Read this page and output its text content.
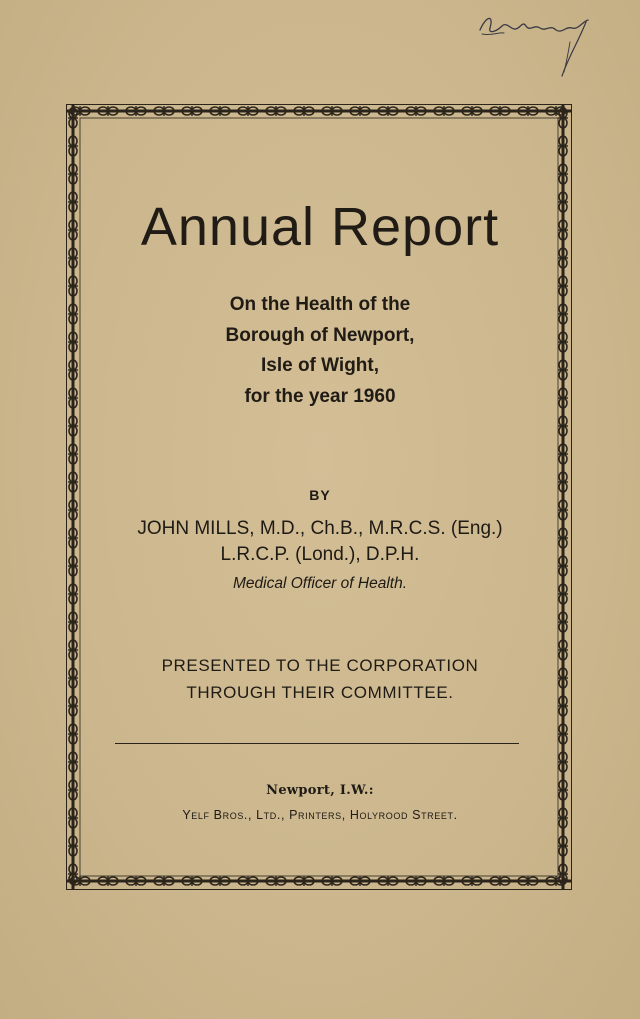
Annual Report
On the Health of the
Borough of Newport,
Isle of Wight,
for the year 1960
BY
JOHN MILLS, M.D., Ch.B., M.R.C.S. (Eng.)
L.R.C.P. (Lond.), D.P.H.
Medical Officer of Health.
PRESENTED TO THE CORPORATION
THROUGH THEIR COMMITTEE.
Newport, I.W.:
Yelf Bros., Ltd., Printers, Holyrood Street.
